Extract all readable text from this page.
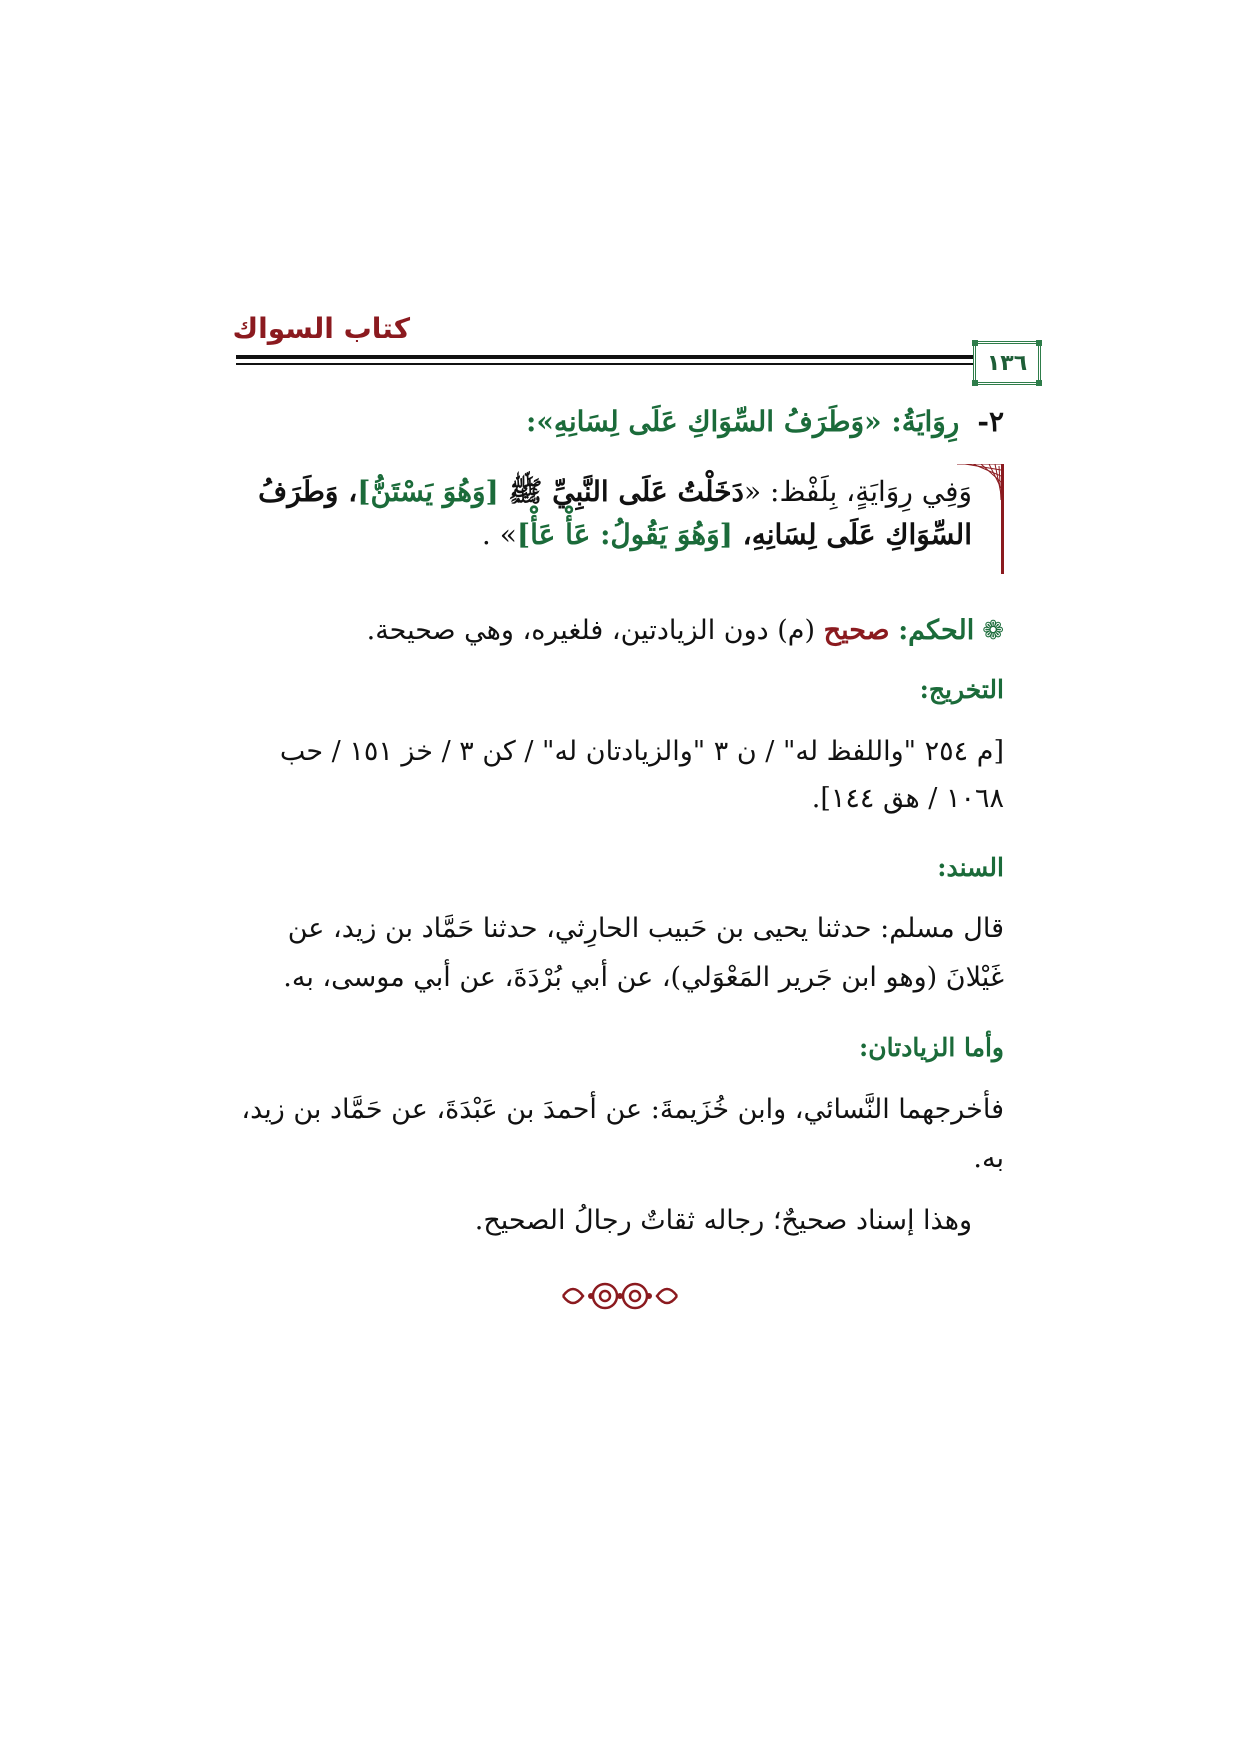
كتاب السواك
١٣٦
٢-رِوَايَةُ: «وَطَرَفُ السِّوَاكِ عَلَى لِسَانِهِ»:
وَفِي رِوَايَةٍ، بِلَفْظ: «دَخَلْتُ عَلَى النَّبِيِّ ﷺ [وَهُوَ يَسْتَنُّ]، وَطَرَفُ السِّوَاكِ عَلَى لِسَانِهِ، [وَهُوَ يَقُولُ: عَأْ عَأْ]» .
❁الحكم: صحيح (م) دون الزيادتين، فلغيره، وهي صحيحة.
التخريج:
[م ٢٥٤ "واللفظ له" / ن ٣ "والزيادتان له" / كن ٣ / خز ١٥١ / حب ١٠٦٨ / هق ١٤٤].
السند:
قال مسلم: حدثنا يحيى بن حَبيب الحارِثي، حدثنا حَمَّاد بن زيد، عن غَيْلانَ (وهو ابن جَرير المَعْوَلي)، عن أبي بُرْدَةَ، عن أبي موسى، به.
وأما الزيادتان:
فأخرجهما النَّسائي، وابن خُزَيمةَ: عن أحمدَ بن عَبْدَةَ، عن حَمَّاد بن زيد، به.
وهذا إسناد صحيحٌ؛ رجاله ثقاتٌ رجالُ الصحيح.
